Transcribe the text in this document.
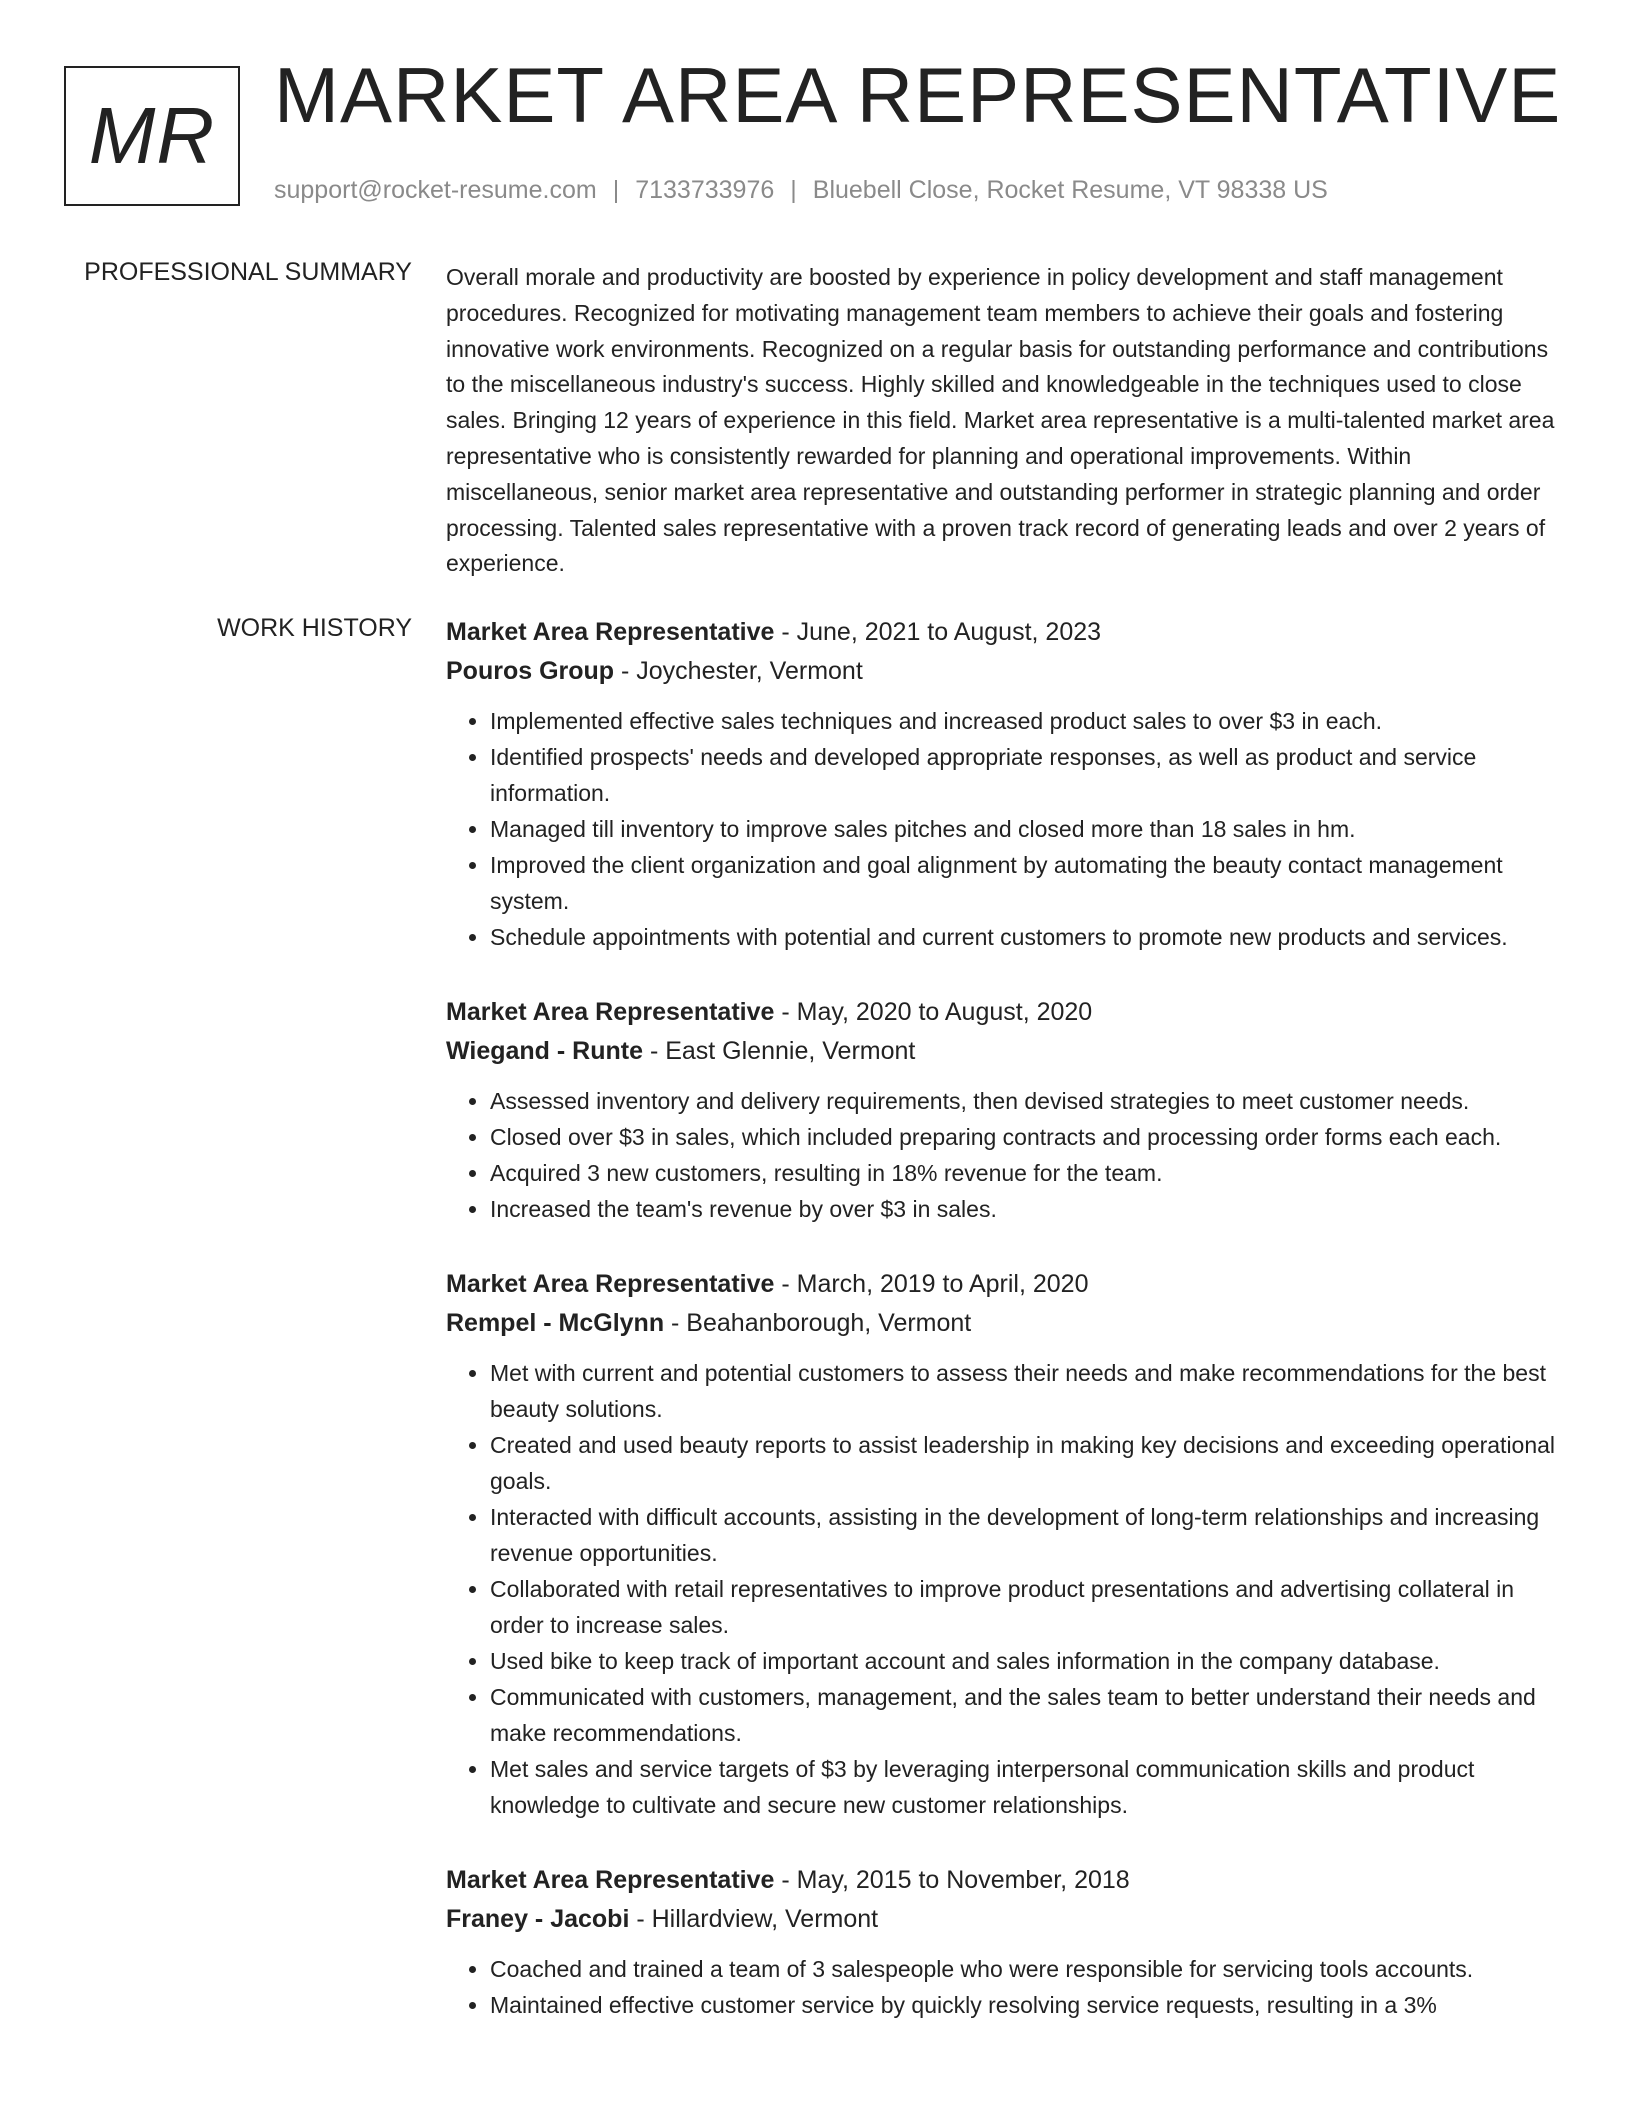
MR MARKET AREA REPRESENTATIVE
support@rocket-resume.com | 7133733976 | Bluebell Close, Rocket Resume, VT 98338 US
PROFESSIONAL SUMMARY Overall morale and productivity are boosted by experience in policy development and staff management procedures. Recognized for motivating management team members to achieve their goals and fostering innovative work environments. Recognized on a regular basis for outstanding performance and contributions to the miscellaneous industry's success. Highly skilled and knowledgeable in the techniques used to close sales. Bringing 12 years of experience in this field. Market area representative is a multi-talented market area representative who is consistently rewarded for planning and operational improvements. Within miscellaneous, senior market area representative and outstanding performer in strategic planning and order processing. Talented sales representative with a proven track record of generating leads and over 2 years of experience.
WORK HISTORY Market Area Representative - June, 2021 to August, 2023
Pouros Group - Joychester, Vermont
• Implemented effective sales techniques and increased product sales to over $3 in each.
• Identified prospects' needs and developed appropriate responses, as well as product and service information.
• Managed till inventory to improve sales pitches and closed more than 18 sales in hm.
• Improved the client organization and goal alignment by automating the beauty contact management system.
• Schedule appointments with potential and current customers to promote new products and services.
Market Area Representative - May, 2020 to August, 2020
Wiegand - Runte - East Glennie, Vermont
• Assessed inventory and delivery requirements, then devised strategies to meet customer needs.
• Closed over $3 in sales, which included preparing contracts and processing order forms each each.
• Acquired 3 new customers, resulting in 18% revenue for the team.
• Increased the team's revenue by over $3 in sales.
Market Area Representative - March, 2019 to April, 2020
Rempel - McGlynn - Beahanborough, Vermont
• Met with current and potential customers to assess their needs and make recommendations for the best beauty solutions.
• Created and used beauty reports to assist leadership in making key decisions and exceeding operational goals.
• Interacted with difficult accounts, assisting in the development of long-term relationships and increasing revenue opportunities.
• Collaborated with retail representatives to improve product presentations and advertising collateral in order to increase sales.
• Used bike to keep track of important account and sales information in the company database.
• Communicated with customers, management, and the sales team to better understand their needs and make recommendations.
• Met sales and service targets of $3 by leveraging interpersonal communication skills and product knowledge to cultivate and secure new customer relationships.
Market Area Representative - May, 2015 to November, 2018
Franey - Jacobi - Hillardview, Vermont
• Coached and trained a team of 3 salespeople who were responsible for servicing tools accounts.
• Maintained effective customer service by quickly resolving service requests, resulting in a 3%
